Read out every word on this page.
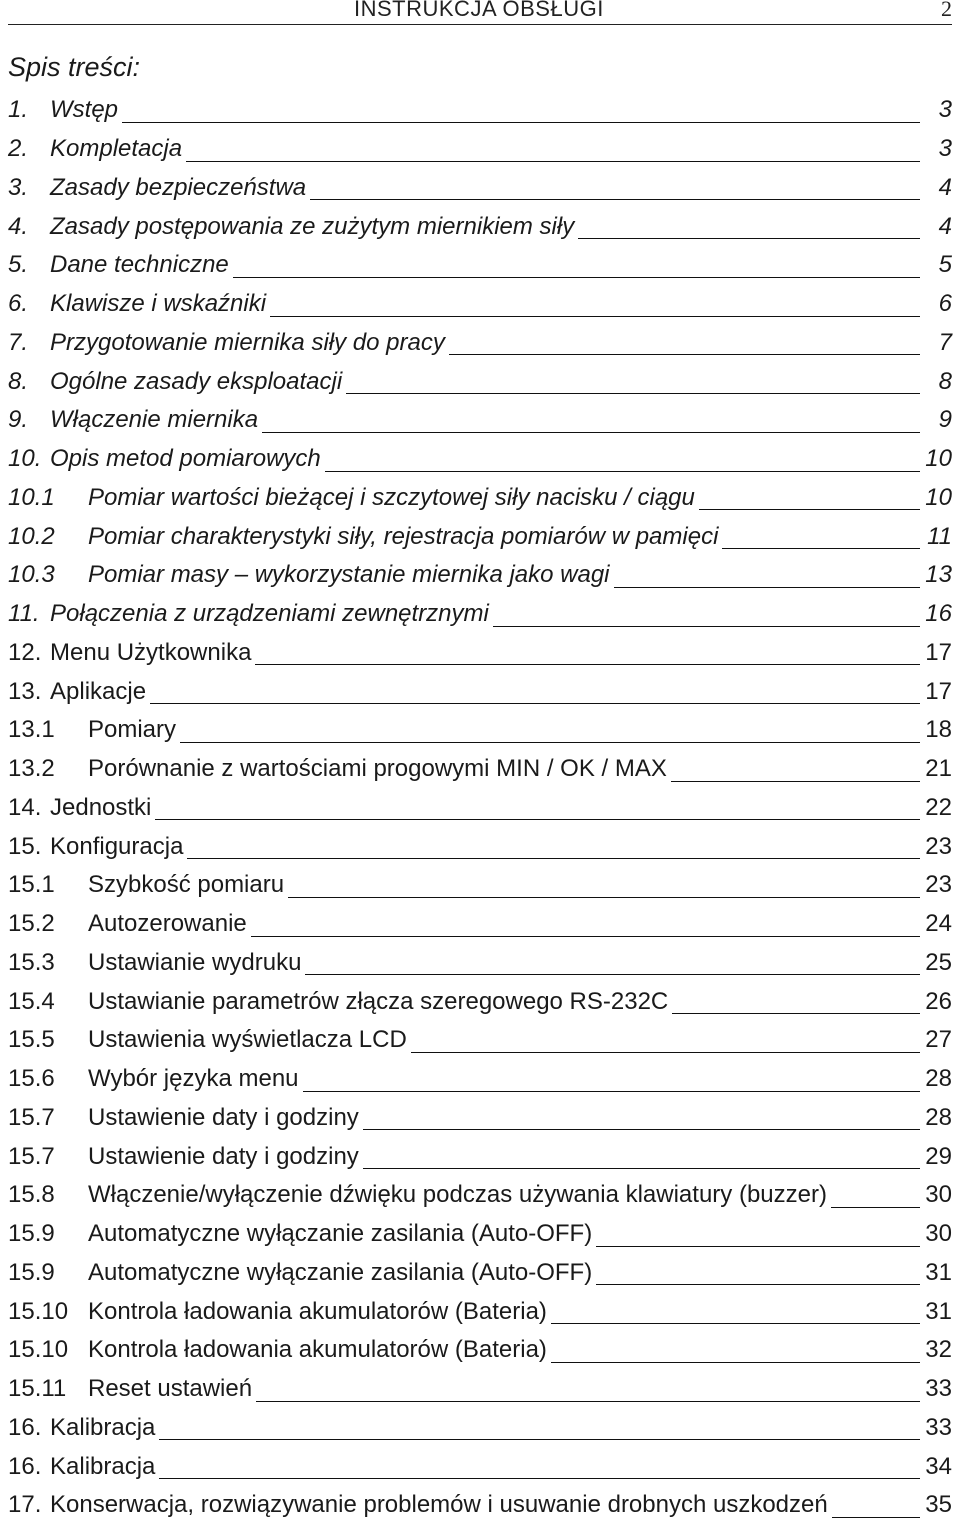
INSTRUKCJA OBSŁUGI	2
Spis treści:
1. Wstęp	3
2. Kompletacja	3
3. Zasady bezpieczeństwa	4
4. Zasady postępowania ze zużytym miernikiem siły	4
5. Dane techniczne	5
6. Klawisze i wskaźniki	6
7. Przygotowanie miernika siły do pracy	7
8. Ogólne zasady eksploatacji	8
9. Włączenie miernika	9
10. Opis metod pomiarowych	10
10.1	Pomiar wartości bieżącej i szczytowej siły nacisku / ciągu	10
10.2	Pomiar charakterystyki siły, rejestracja pomiarów w pamięci	11
10.3	Pomiar masy – wykorzystanie miernika jako wagi	13
11. Połączenia z urządzeniami zewnętrznymi	16
12. Menu Użytkownika	17
13. Aplikacje	17
13.1	Pomiary	18
13.2	Porównanie z wartościami progowymi MIN / OK / MAX	21
14. Jednostki	22
15. Konfiguracja	23
15.1	Szybkość pomiaru	23
15.2	Autozerowanie	24
15.3	Ustawianie wydruku	25
15.4	Ustawianie parametrów złącza szeregowego RS-232C	26
15.5	Ustawienia wyświetlacza LCD	27
15.6	Wybór języka menu	28
15.7	Ustawienie daty i godziny	28
15.7	Ustawienie daty i godziny	29
15.8	Włączenie/wyłączenie dźwięku podczas używania klawiatury (buzzer)	30
15.9	Automatyczne wyłączanie zasilania (Auto-OFF)	30
15.9	Automatyczne wyłączanie zasilania (Auto-OFF)	31
15.10 Kontrola ładowania akumulatorów (Bateria)	31
15.10 Kontrola ładowania akumulatorów (Bateria)	32
15.11 Reset ustawień	33
16. Kalibracja	33
16. Kalibracja	34
17. Konserwacja, rozwiązywanie problemów i usuwanie drobnych uszkodzeń	35
